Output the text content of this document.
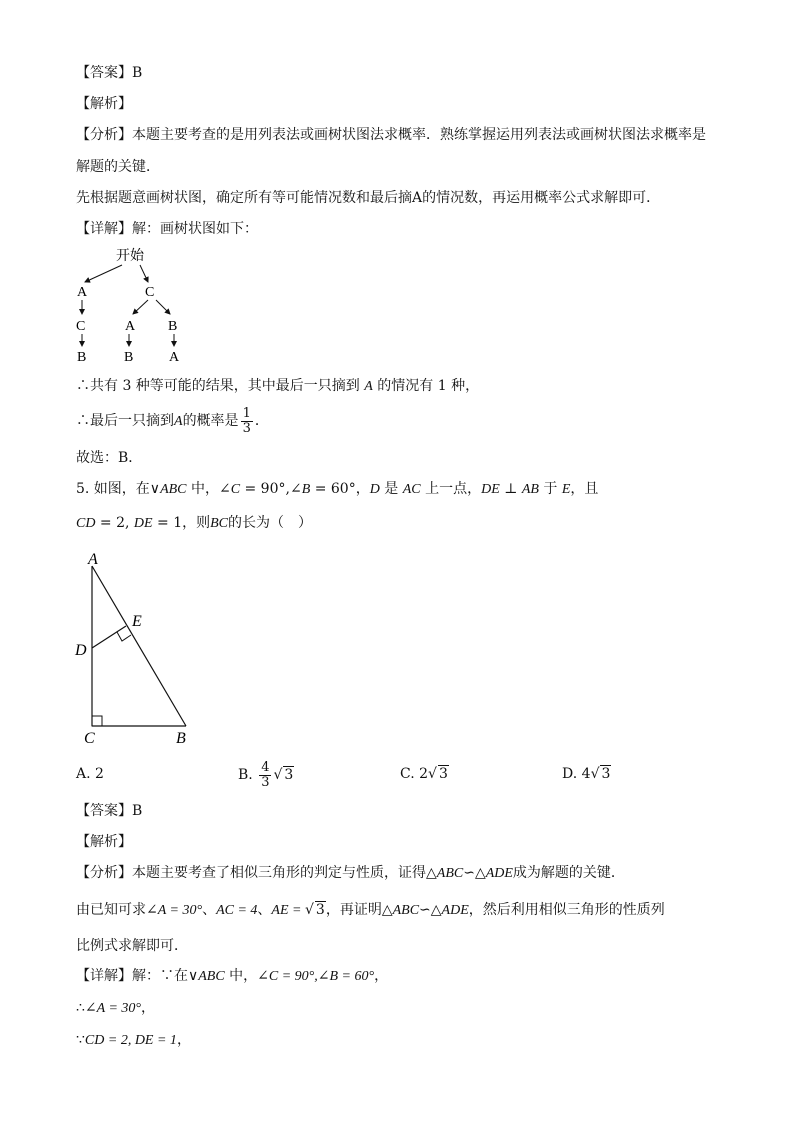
【答案】B
【解析】
【分析】本题主要考查的是用列表法或画树状图法求概率．熟练掌握运用列表法或画树状图法求概率是
解题的关键．
先根据题意画树状图，确定所有等可能情况数和最后摘A的情况数，再运用概率公式求解即可．
【详解】解：画树状图如下：
开始
A	C
C	A B
B	B	A
∴共有 3 种等可能的结果，其中最后一只摘到 A 的情况有 1 种，
∴最后一只摘到A的概率是 $\frac{1}{3}$ ．
故选：B．
5. 如图，在∨ABC 中，∠C = 90°,∠B = 60°，D 是 AC 上一点，DE ⊥ AB 于 E，且
CD = 2, DE = 1，则BC的长为（　）
A
E
D
C	B
A. 2	B. $\frac{4}{3}$ √ 3	C. 2√ 3	D. 4√ 3
【答案】B
【解析】
【分析】本题主要考查了相似三角形的判定与性质，证得△ABC∽△ADE成为解题的关键．
由已知可求∠A = 30°、AC = 4、AE = √ 3，再证明△ABC∽△ADE，然后利用相似三角形的性质列
比例式求解即可．
【详解】解：∵在∨ABC 中，∠C = 90°,∠B = 60°，
∴∠A = 30°，
∵CD = 2, DE = 1，
